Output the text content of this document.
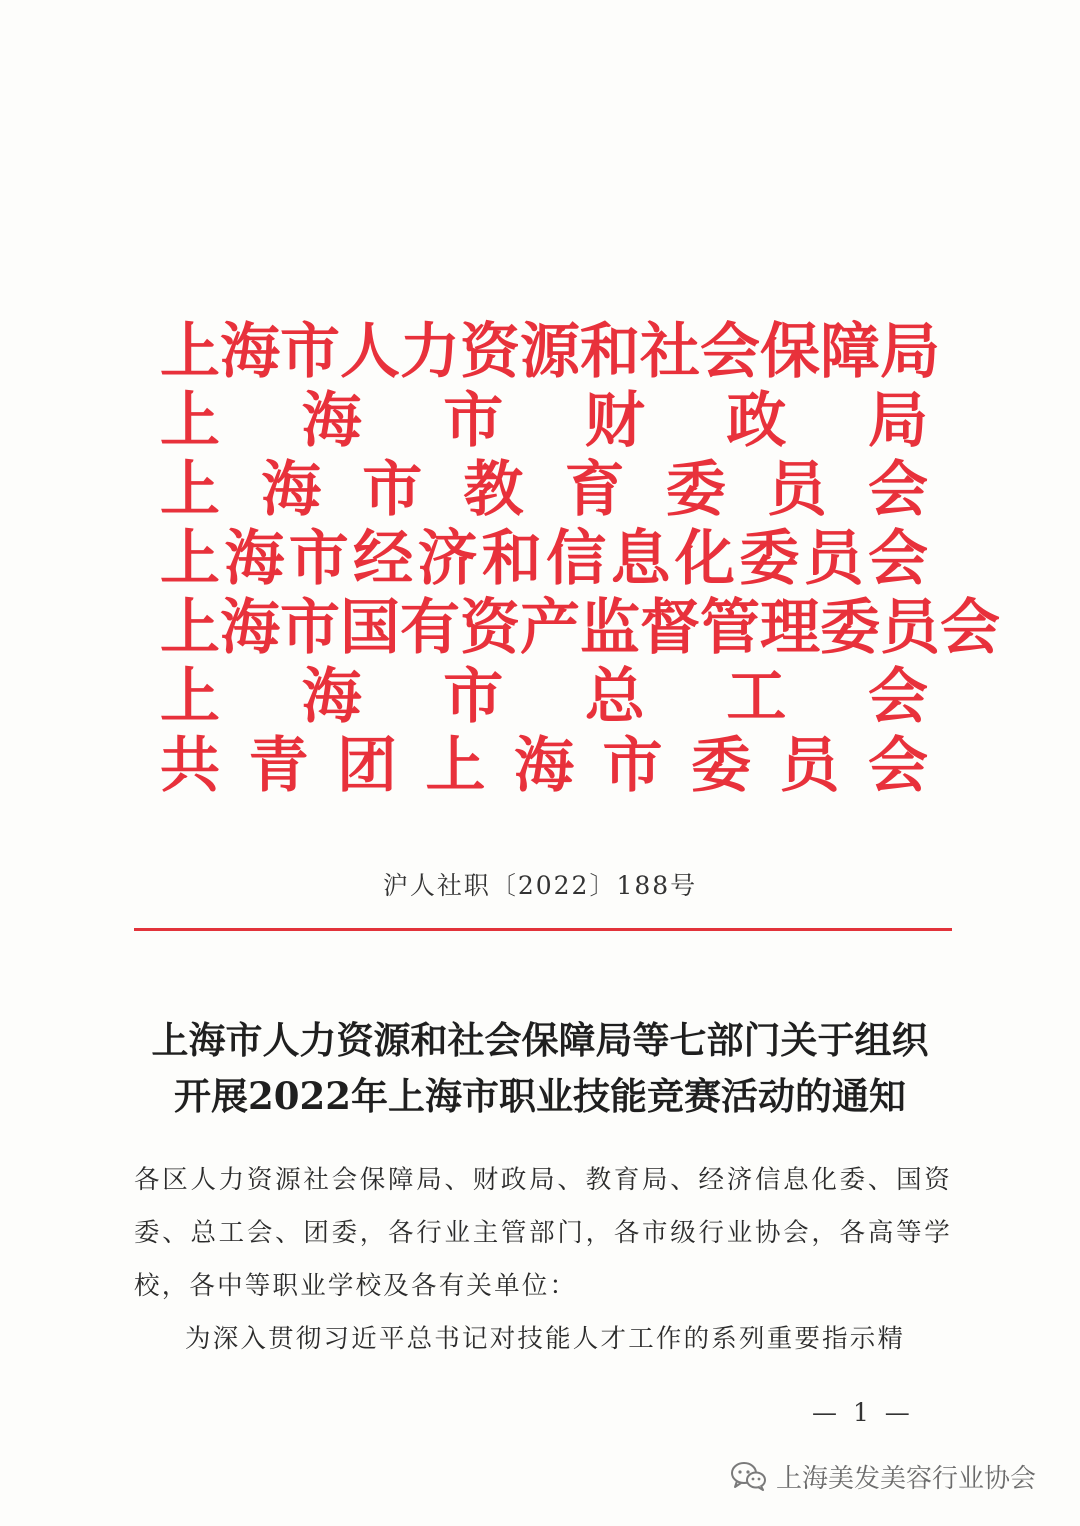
上 海 市 人 力 资 源 和 社 会 保 障 局
上 海 市 财 政 局
上 海 市 教 育 委 员 会
上 海 市 经 济 和 信 息 化 委 员 会
上 海 市 国 有 资 产 监 督 管 理 委 员 会
上 海 市 总 工 会
共 青 团 上 海 市 委 员 会
沪人社职〔2022〕188号
上海市人力资源和社会保障局等七部门关于组织
开展2022年上海市职业技能竞赛活动的通知
各区人力资源社会保障局、财政局、教育局、经济信息化委、国资委、总工会、团委，各行业主管部门，各市级行业协会，各高等学校，各中等职业学校及各有关单位：
为深入贯彻习近平总书记对技能人才工作的系列重要指示精
— 1 —
上海美发美容行业协会
